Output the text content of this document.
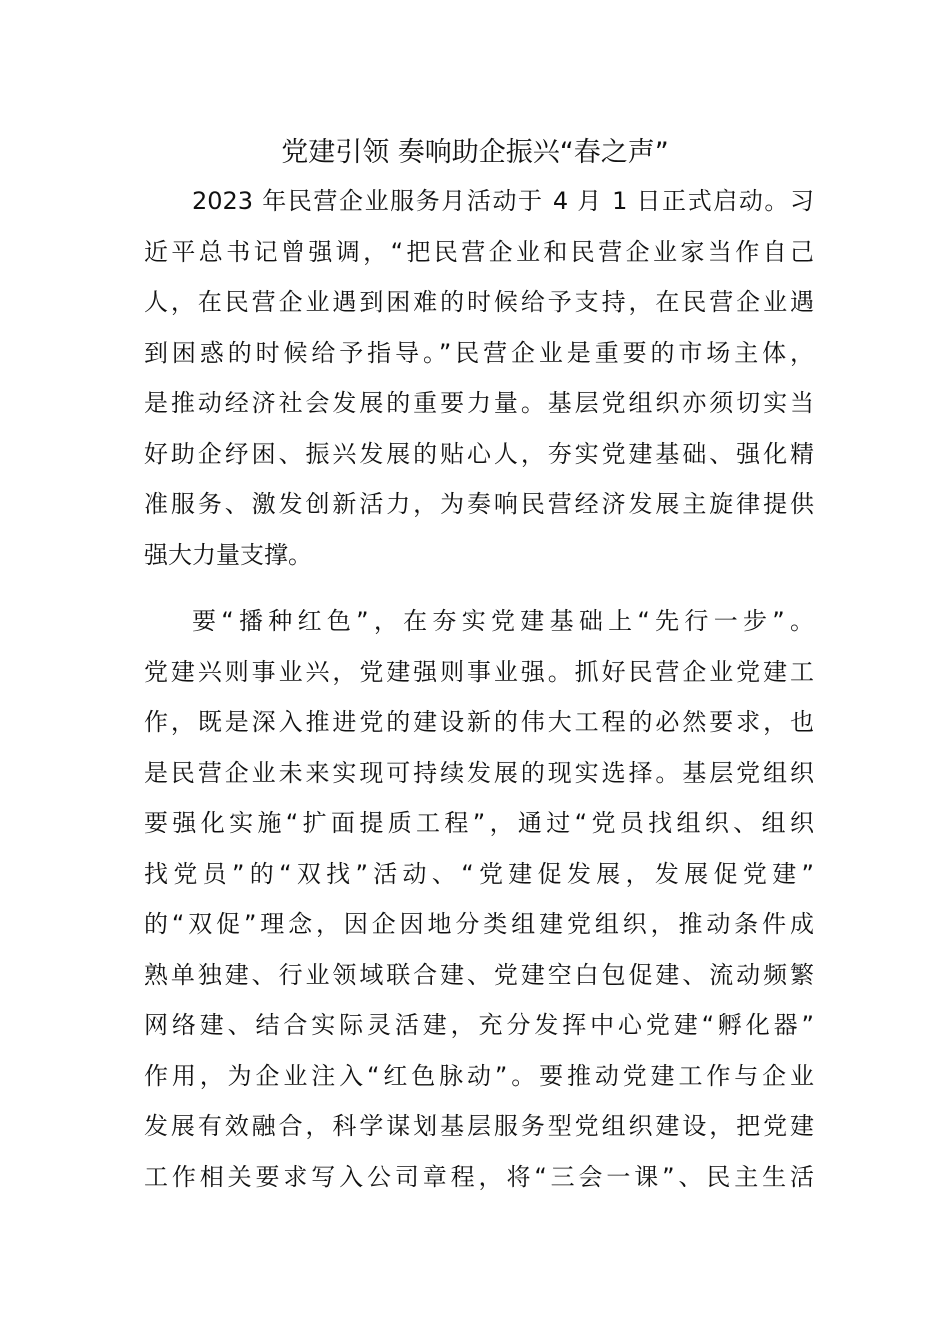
党建引领 奏响助企振兴“春之声”
2023 年民营企业服务月活动于 4 月 1 日正式启动。习
近平总书记曾强调，“把民营企业和民营企业家当作自己
人，在民营企业遇到困难的时候给予支持，在民营企业遇
到困惑的时候给予指导。”民营企业是重要的市场主体，
是推动经济社会发展的重要力量。基层党组织亦须切实当
好助企纾困、振兴发展的贴心人，夯实党建基础、强化精
准服务、激发创新活力，为奏响民营经济发展主旋律提供
强大力量支撑。
要“播种红色”，在夯实党建基础上“先行一步”。
党建兴则事业兴，党建强则事业强。抓好民营企业党建工
作，既是深入推进党的建设新的伟大工程的必然要求，也
是民营企业未来实现可持续发展的现实选择。基层党组织
要强化实施“扩面提质工程”，通过“党员找组织、组织
找党员”的“双找”活动、“党建促发展，发展促党建”
的“双促”理念，因企因地分类组建党组织，推动条件成
熟单独建、行业领域联合建、党建空白包促建、流动频繁
网络建、结合实际灵活建，充分发挥中心党建“孵化器”
作用，为企业注入“红色脉动”。要推动党建工作与企业
发展有效融合，科学谋划基层服务型党组织建设，把党建
工作相关要求写入公司章程，将“三会一课”、民主生活
